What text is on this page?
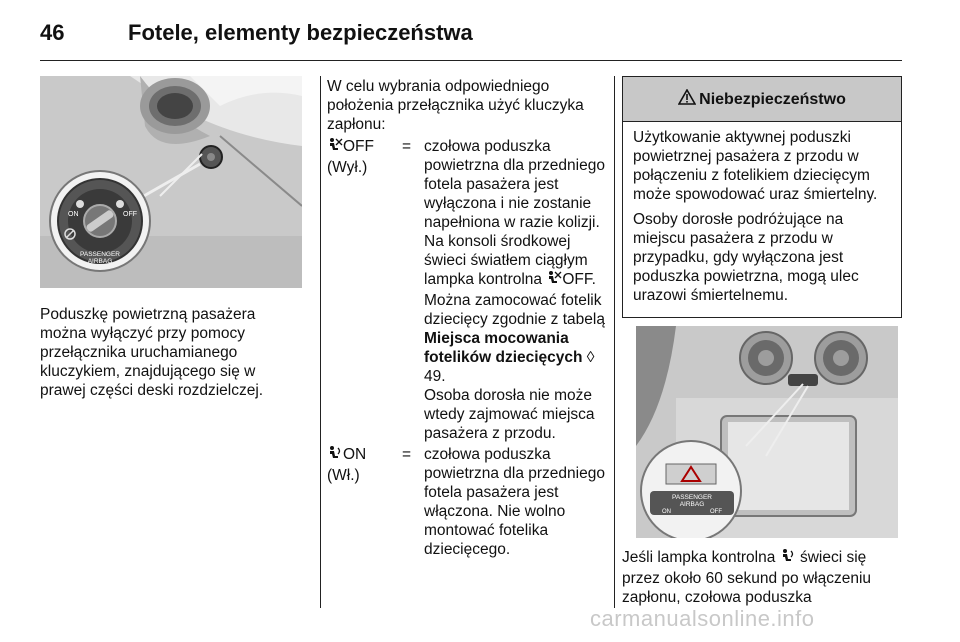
46	Fotele, elementy bezpieczeństwa
ON	OFF
PASSENGER
AIRBAG
Poduszkę powietrzną pasażera można wyłączyć przy pomocy przełącznika uruchamianego kluczykiem, znajdującego się w prawej części deski rozdzielczej.
W celu wybrania odpowiedniego położenia przełącznika użyć kluczyka zapłonu:
OFF
(Wył.)
= czołowa poduszka powietrzna dla przedniego fotela pasażera jest wyłączona i nie zostanie napełniona w razie kolizji. Na konsoli środkowej świeci światłem ciągłym lampka kontrolna OFF. Można zamocować fotelik dziecięcy zgodnie z tabelą Miejsca mocowania fotelików dziecięcych ◊ 49.
Osoba dorosła nie może wtedy zajmować miejsca pasażera z przodu.
ON
(Wł.)
= czołowa poduszka powietrzna dla przedniego fotela pasażera jest włączona. Nie wolno montować fotelika dziecięcego.
Niebezpieczeństwo

Użytkowanie aktywnej poduszki powietrznej pasażera z przodu w połączeniu z fotelikiem dziecięcym może spowodować uraz śmiertelny.

Osoby dorosłe podróżujące na miejscu pasażera z przodu w przypadku, gdy wyłączona jest poduszka powietrzna, mogą ulec urazowi śmiertelnemu.

PASSENGER
AIRBAG
ON	OFF
Jeśli lampka kontrolna  świeci się przez około 60 sekund po włączeniu zapłonu, czołowa poduszka
carmanualsonline.info
